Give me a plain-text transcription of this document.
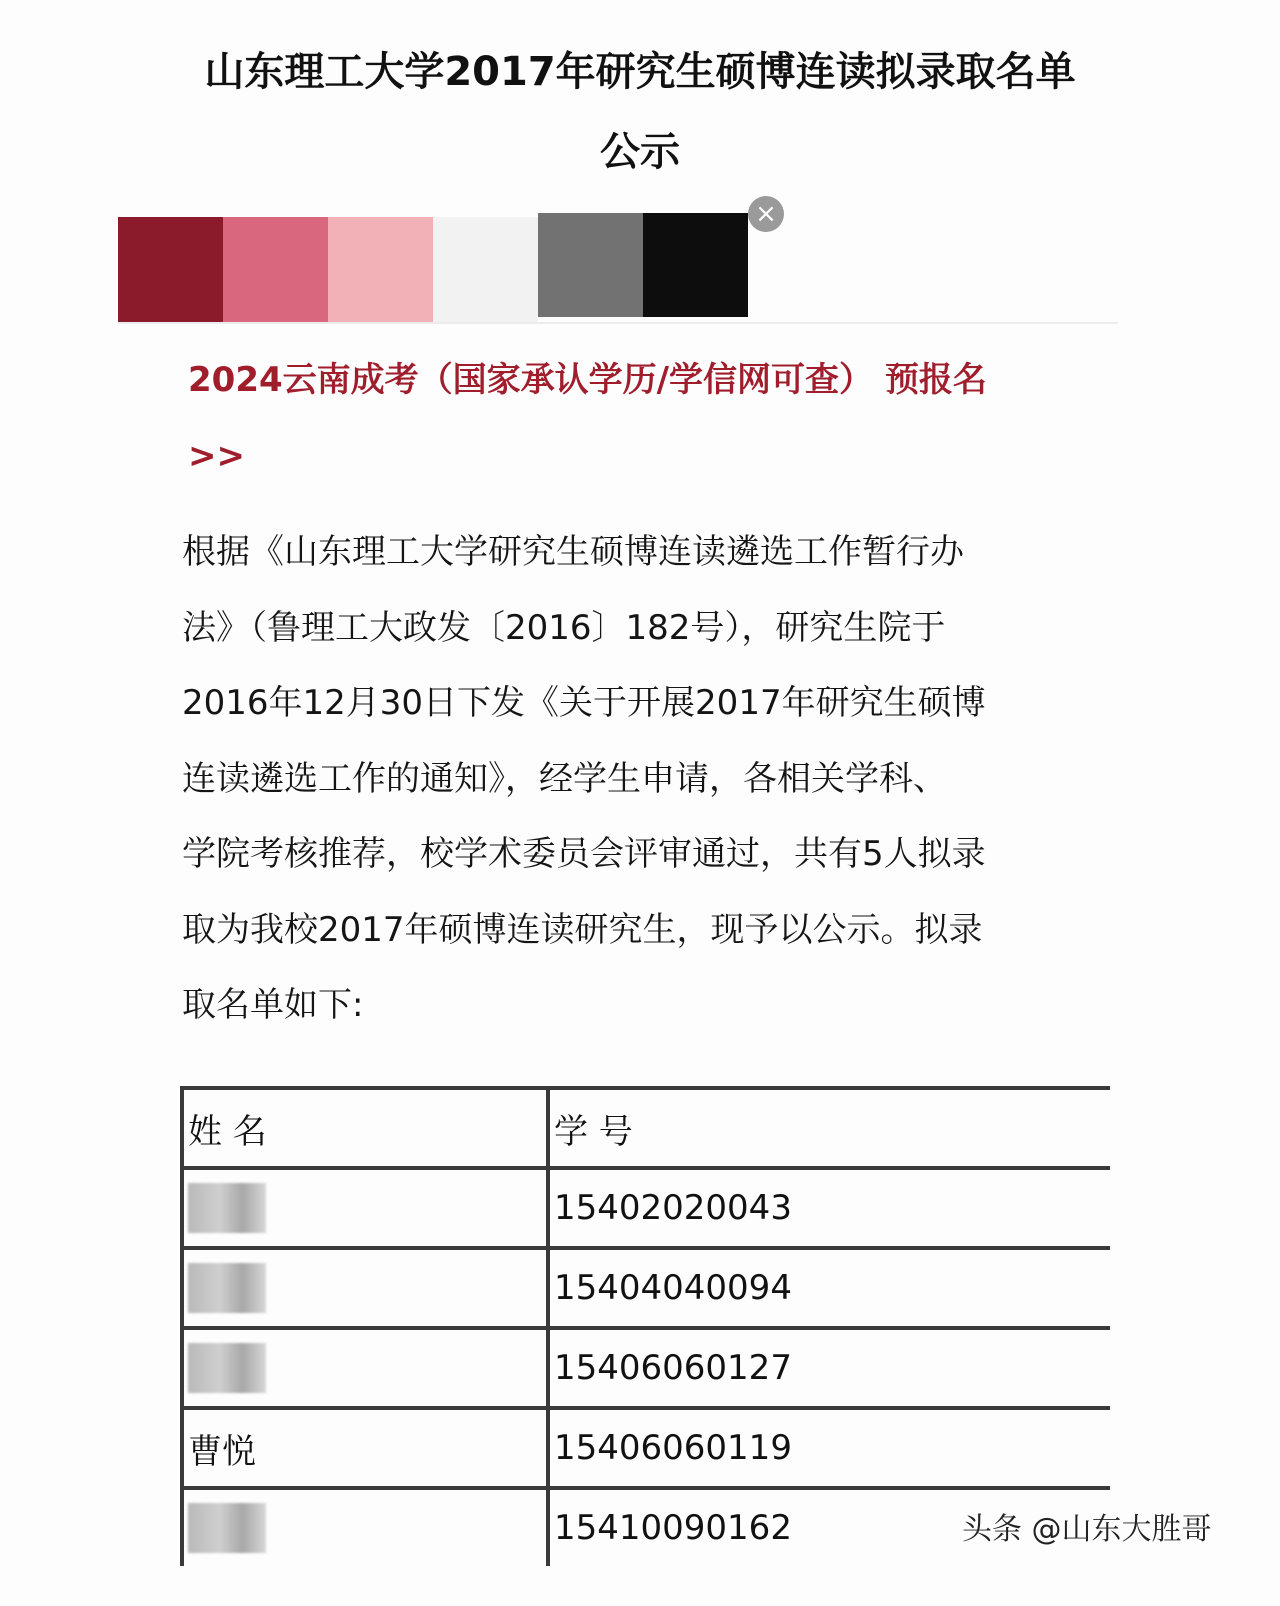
山东理工大学2017年研究生硕博连读拟录取名单
公示
×
2024云南成考（国家承认学历/学信网可查） 预报名
>>
根据《山东理工大学研究生硕博连读遴选工作暂行办
法》（鲁理工大政发〔2016〕182号），研究生院于
2016年12月30日下发《关于开展2017年研究生硕博
连读遴选工作的通知》，经学生申请，各相关学科、
学院考核推荐，校学术委员会评审通过，共有5人拟录
取为我校2017年硕博连读研究生，现予以公示。拟录
取名单如下:
姓 名	学 号
	15402020043
	15404040094
	15406060127
曹悦	15406060119
	15410090162	头条 @山东大胜哥
